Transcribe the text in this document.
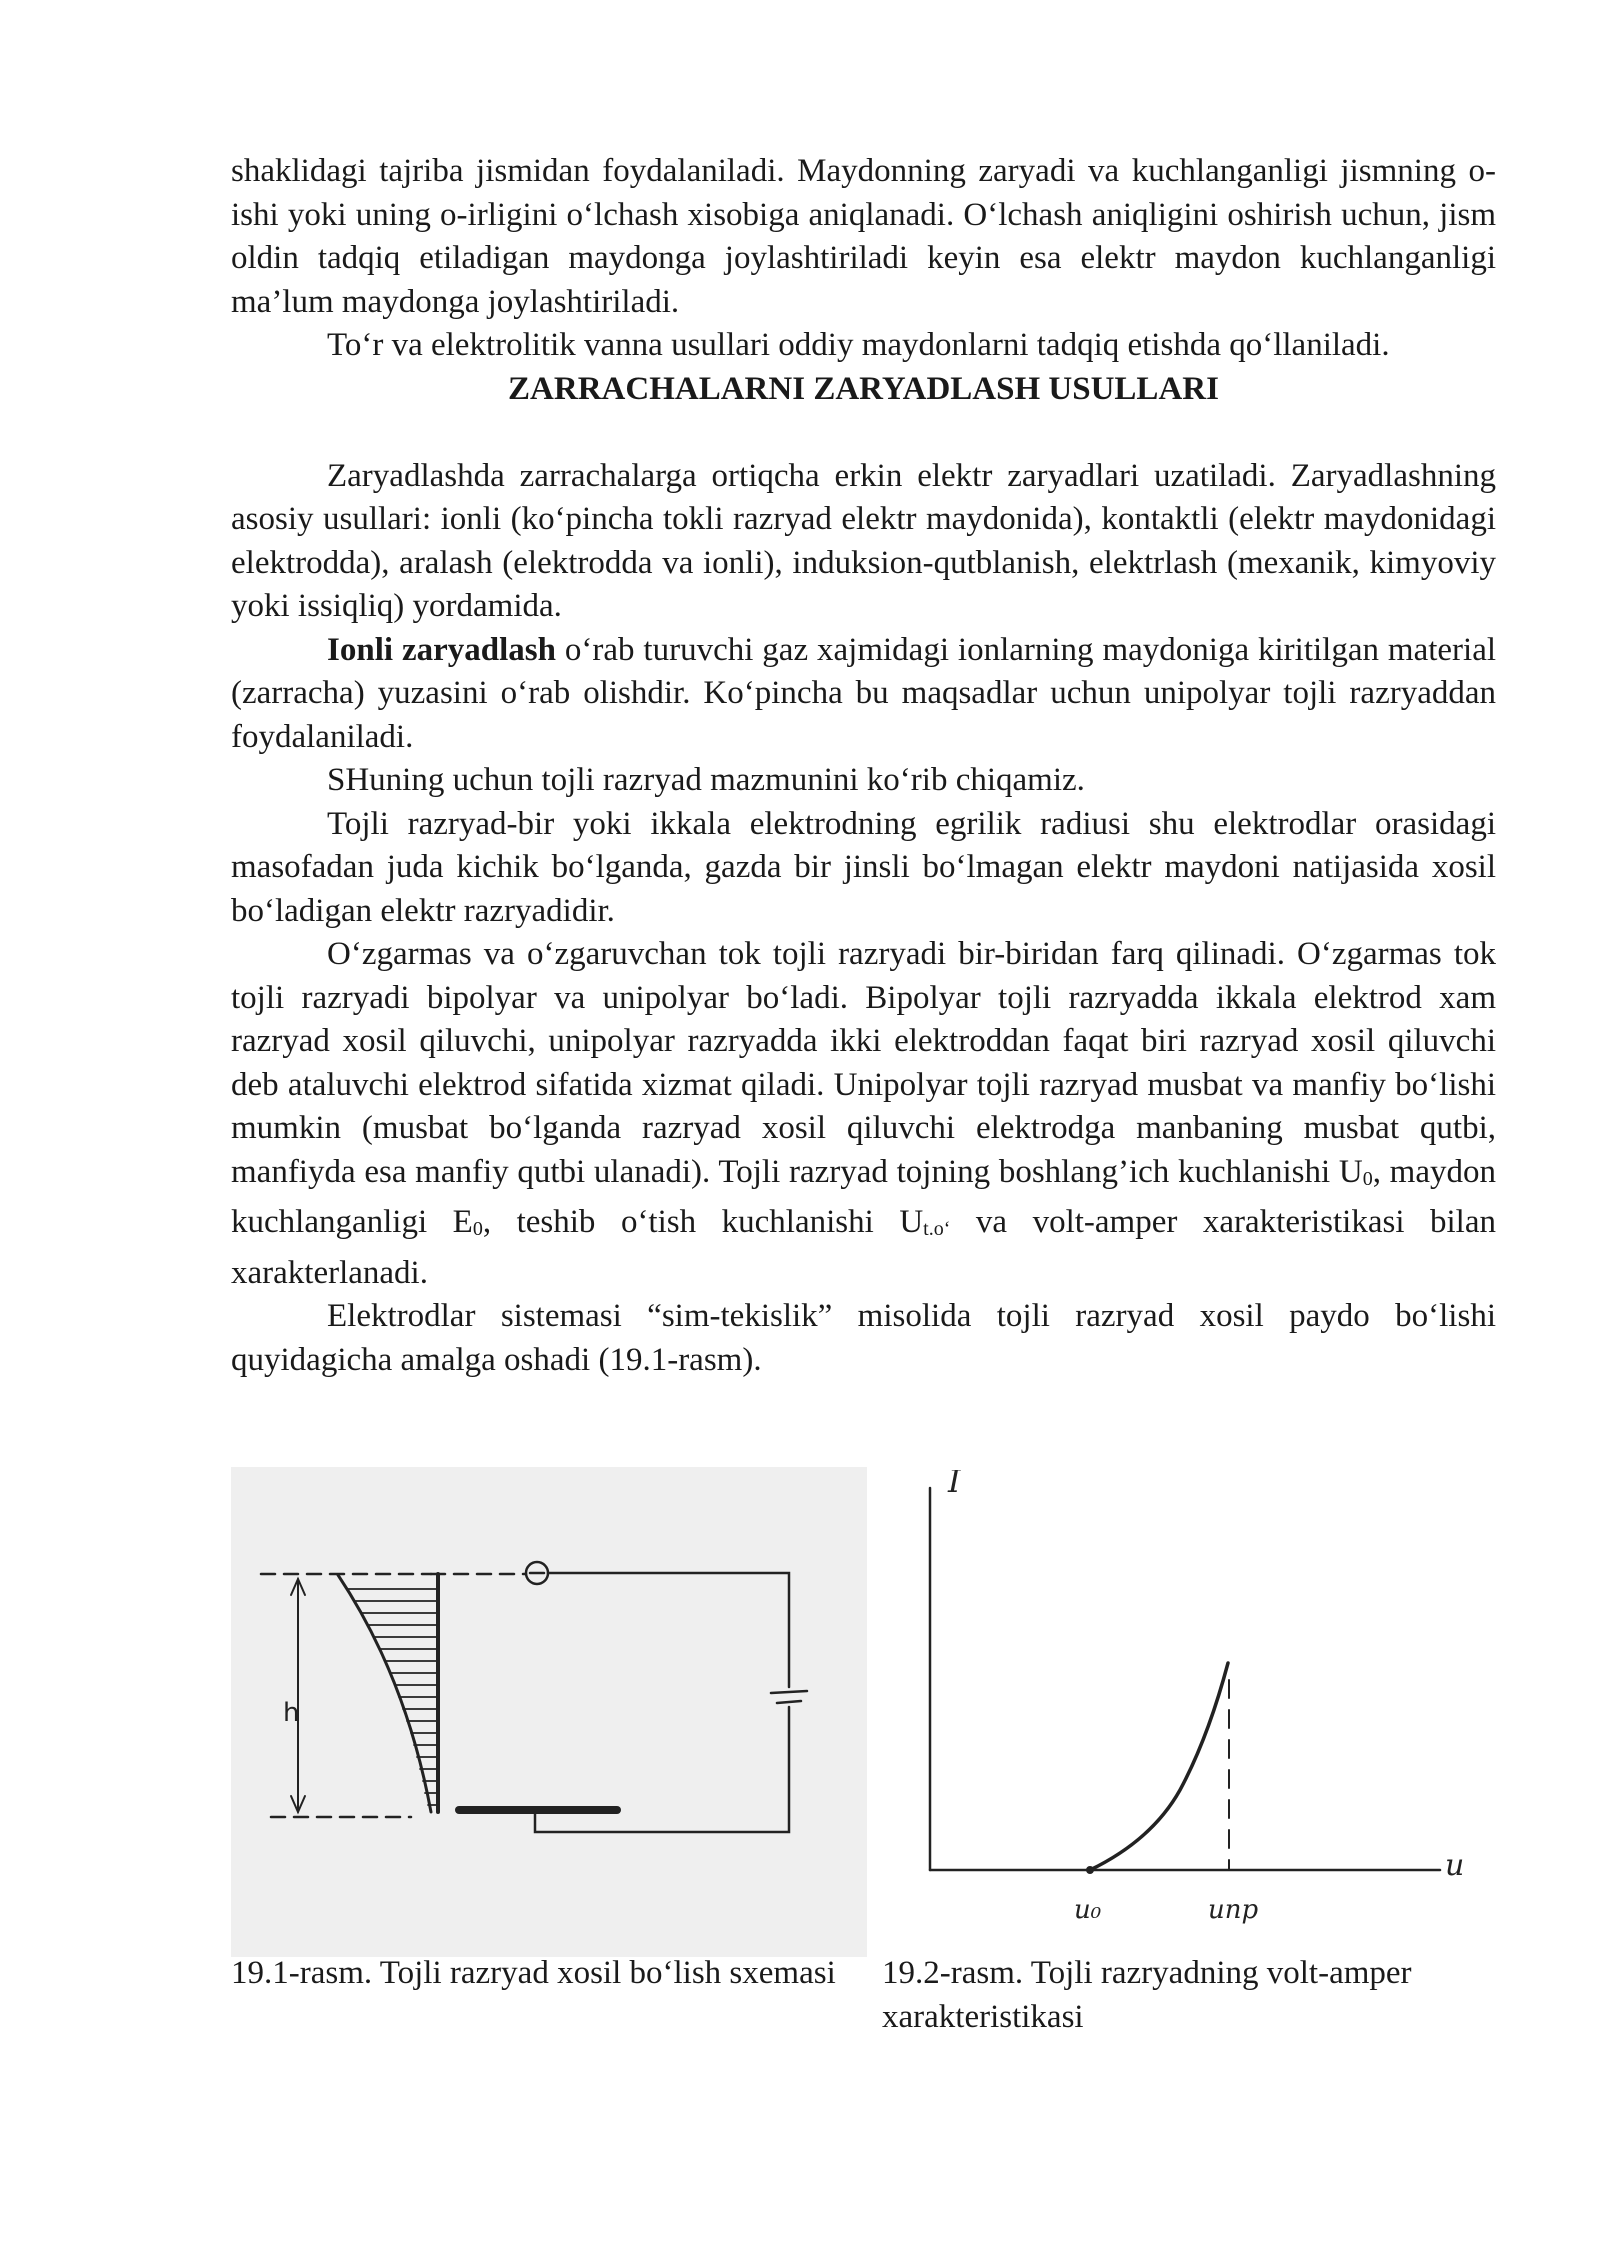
shaklidagi tajriba jismidan foydalaniladi. Maydonning zaryadi va kuchlanganligi jismning o-ishi yoki uning o-irligini o‘lchash xisobiga aniqlanadi. O‘lchash aniqligini oshirish uchun, jism oldin tadqiq etiladigan maydonga joylashtiriladi keyin esa elektr maydon kuchlanganligi ma’lum maydonga joylashtiriladi.

To‘r va elektrolitik vanna usullari oddiy maydonlarni tadqiq etishda qo‘llaniladi.

ZARRACHALARNI ZARYADLASH USULLARI

Zaryadlashda zarrachalarga ortiqcha erkin elektr zaryadlari uzatiladi. Zaryadlashning asosiy usullari: ionli (ko‘pincha tokli razryad elektr maydonida), kontaktli (elektr maydonidagi elektrodda), aralash (elektrodda va ionli), induksion-qutblanish, elektrlash (mexanik, kimyoviy yoki issiqliq) yordamida.

Ionli zaryadlash o‘rab turuvchi gaz xajmidagi ionlarning maydoniga kiritilgan material (zarracha) yuzasini o‘rab olishdir. Ko‘pincha bu maqsadlar uchun unipolyar tojli razryaddan foydalaniladi.

SHuning uchun tojli razryad mazmunini ko‘rib chiqamiz.

Tojli razryad-bir yoki ikkala elektrodning egrilik radiusi shu elektrodlar orasidagi masofadan juda kichik bo‘lganda, gazda bir jinsli bo‘lmagan elektr maydoni natijasida xosil bo‘ladigan elektr razryadidir.

O‘zgarmas va o‘zgaruvchan tok tojli razryadi bir-biridan farq qilinadi. O‘zgarmas tok tojli razryadi bipolyar va unipolyar bo‘ladi. Bipolyar tojli razryadda ikkala elektrod xam razryad xosil qiluvchi, unipolyar razryadda ikki elektroddan faqat biri razryad xosil qiluvchi deb ataluvchi elektrod sifatida xizmat qiladi. Unipolyar tojli razryad musbat va manfiy bo‘lishi mumkin (musbat bo‘lganda razryad xosil qiluvchi elektrodga manbaning musbat qutbi, manfiyda esa manfiy qutbi ulanadi). Tojli razryad tojning boshlang’ich kuchlanishi $U_0$, maydon kuchlanganligi $E_0$, teshib o‘tish kuchlanishi $U_{t.o‘}$ va volt-amper xarakteristikasi bilan xarakterlanadi.

Elektrodlar sistemasi “sim-tekislik” misolida tojli razryad xosil paydo bo‘lishi quyidagicha amalga oshadi (19.1-rasm).

h
I
u
u₀	uпр
19.1-rasm. Tojli razryad xosil bo‘lish sxemasi	19.2-rasm. Tojli razryadning volt-amper xarakteristikasi
